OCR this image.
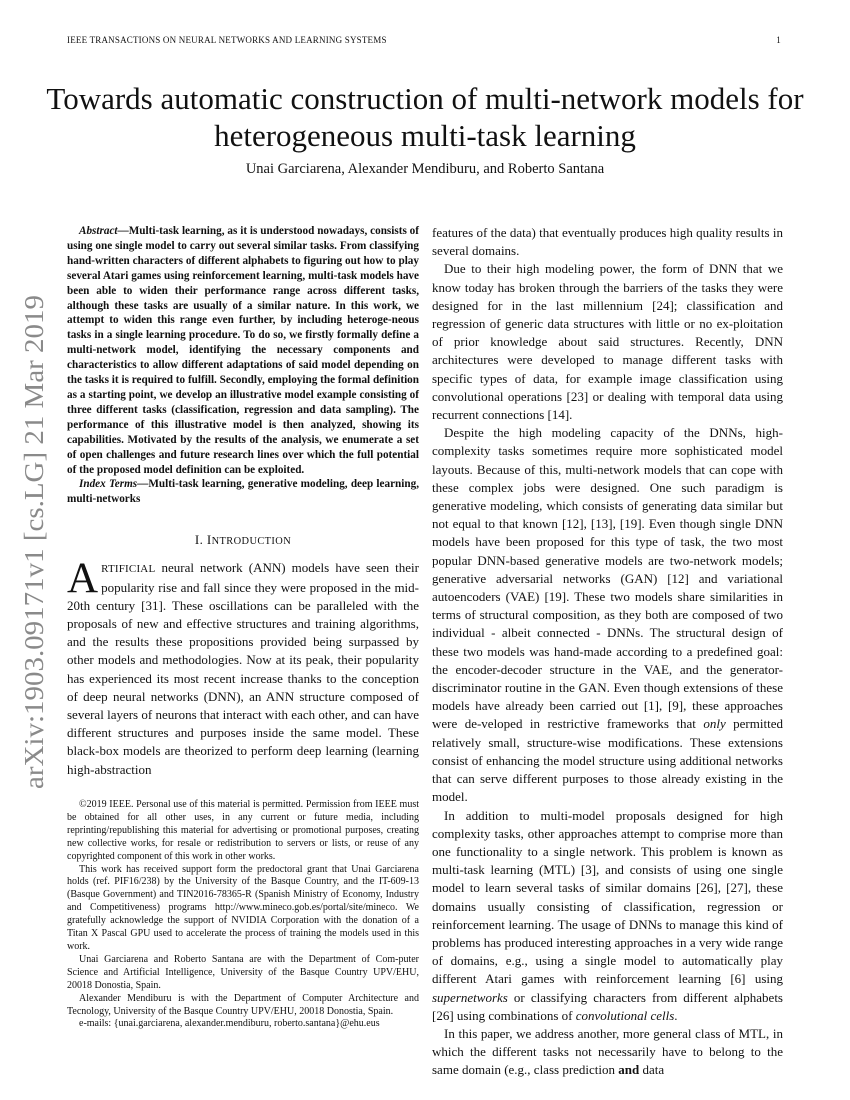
IEEE TRANSACTIONS ON NEURAL NETWORKS AND LEARNING SYSTEMS	1
arXiv:1903.09171v1 [cs.LG] 21 Mar 2019
Towards automatic construction of multi-network models for heterogeneous multi-task learning
Unai Garciarena, Alexander Mendiburu, and Roberto Santana

Abstract—Multi-task learning, as it is understood nowadays, consists of using one single model to carry out several similar tasks. From classifying hand-written characters of different alphabets to figuring out how to play several Atari games using reinforcement learning, multi-task models have been able to widen their performance range across different tasks, although these tasks are usually of a similar nature. In this work, we attempt to widen this range even further, by including heteroge-neous tasks in a single learning procedure. To do so, we firstly formally define a multi-network model, identifying the necessary components and characteristics to allow different adaptations of said model depending on the tasks it is required to fulfill. Secondly, employing the formal definition as a starting point, we develop an illustrative model example consisting of three different tasks (classification, regression and data sampling). The performance of this illustrative model is then analyzed, showing its capabilities. Motivated by the results of the analysis, we enumerate a set of open challenges and future research lines over which the full potential of the proposed model definition can be exploited.

Index Terms—Multi-task learning, generative modeling, deep learning, multi-networks

I. INTRODUCTION

ARTIFICIAL neural network (ANN) models have seen their popularity rise and fall since they were proposed in the mid-20th century [31]. These oscillations can be paralleled with the proposals of new and effective structures and training algorithms, and the results these propositions provided being surpassed by other models and methodologies. Now at its peak, their popularity has experienced its most recent increase thanks to the conception of deep neural networks (DNN), an ANN structure composed of several layers of neurons that interact with each other, and can have different structures and purposes inside the same model. These black-box models are theorized to perform deep learning (learning high-abstraction

©2019 IEEE. Personal use of this material is permitted. Permission from IEEE must be obtained for all other uses, in any current or future media, including reprinting/republishing this material for advertising or promotional purposes, creating new collective works, for resale or redistribution to servers or lists, or reuse of any copyrighted component of this work in other works.

This work has received support form the predoctoral grant that Unai Garciarena holds (ref. PIF16/238) by the University of the Basque Country, and the IT-609-13 (Basque Government) and TIN2016-78365-R (Spanish Ministry of Economy, Industry and Competitiveness) programs http://www.mineco.gob.es/portal/site/mineco. We gratefully acknowledge the support of NVIDIA Corporation with the donation of a Titan X Pascal GPU used to accelerate the process of training the models used in this work.

Unai Garciarena and Roberto Santana are with the Department of Com-puter Science and Artificial Intelligence, University of the Basque Country UPV/EHU, 20018 Donostia, Spain.

Alexander Mendiburu is with the Department of Computer Architecture and Tecnology, University of the Basque Country UPV/EHU, 20018 Donostia, Spain.

e-mails: {unai.garciarena, alexander.mendiburu, roberto.santana}@ehu.eus

features of the data) that eventually produces high quality results in several domains.

Due to their high modeling power, the form of DNN that we know today has broken through the barriers of the tasks they were designed for in the last millennium [24]; classification and regression of generic data structures with little or no ex-ploitation of prior knowledge about said structures. Recently, DNN architectures were developed to manage different tasks with specific types of data, for example image classification using convolutional operations [23] or dealing with temporal data using recurrent connections [14].

Despite the high modeling capacity of the DNNs, high-complexity tasks sometimes require more sophisticated model layouts. Because of this, multi-network models that can cope with these complex jobs were designed. One such paradigm is generative modeling, which consists of generating data similar but not equal to that known [12], [13], [19]. Even though single DNN models have been proposed for this type of task, the two most popular DNN-based generative models are two-network models; generative adversarial networks (GAN) [12] and variational autoencoders (VAE) [19]. These two models share similarities in terms of structural composition, as they both are composed of two individual - albeit connected - DNNs. The structural design of these two models was hand-made according to a predefined goal: the encoder-decoder structure in the VAE, and the generator-discriminator routine in the GAN. Even though extensions of these models have already been carried out [1], [9], these approaches were de-veloped in restrictive frameworks that only permitted relatively small, structure-wise modifications. These extensions consist of enhancing the model structure using additional networks that can serve different purposes to those already existing in the model.

In addition to multi-model proposals designed for high complexity tasks, other approaches attempt to comprise more than one functionality to a single network. This problem is known as multi-task learning (MTL) [3], and consists of using one single model to learn several tasks of similar domains [26], [27], these domains usually consisting of classification, regression or reinforcement learning. The usage of DNNs to manage this kind of problems has produced interesting approaches in a very wide range of domains, e.g., using a single model to automatically play different Atari games with reinforcement learning [6] using supernetworks or classifying characters from different alphabets [26] using combinations of convolutional cells.

In this paper, we address another, more general class of MTL, in which the different tasks not necessarily have to belong to the same domain (e.g., class prediction and data
